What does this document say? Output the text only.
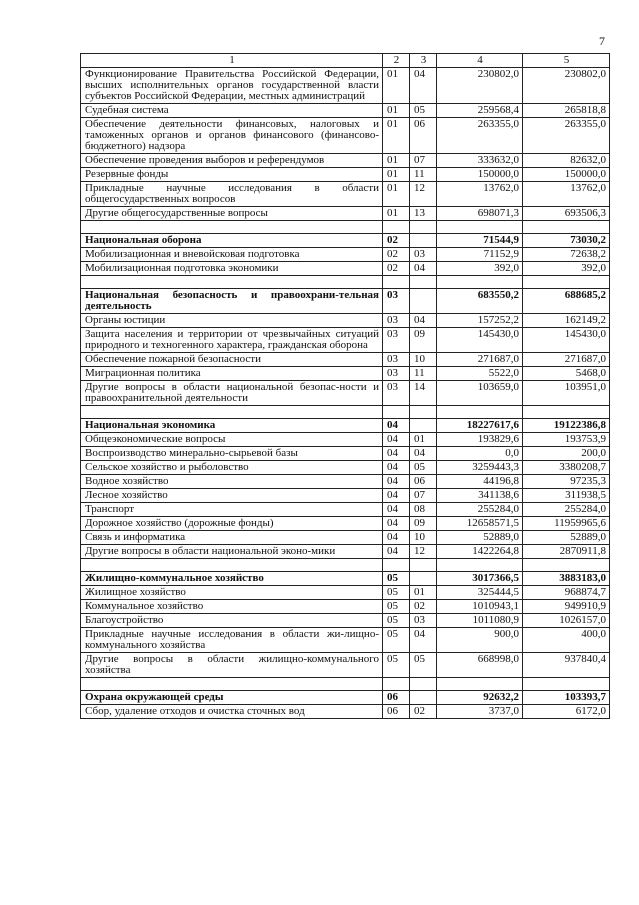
7
1	2	3	4	5
Функционирование Правительства Российской Федерации, высших исполнительных органов государственной власти субъектов Российской Федерации, местных администраций	01	04	230802,0	230802,0
Судебная система	01	05	259568,4	265818,8
Обеспечение деятельности финансовых, налоговых и таможенных органов и органов финансового (финансово-бюджетного) надзора	01	06	263355,0	263355,0
Обеспечение проведения выборов и референдумов	01	07	333632,0	82632,0
Резервные фонды	01	11	150000,0	150000,0
Прикладные научные исследования в области общегосударственных вопросов	01	12	13762,0	13762,0
Другие общегосударственные вопросы	01	13	698071,3	693506,3

Национальная оборона	02		71544,9	73030,2
Мобилизационная и вневойсковая подготовка	02	03	71152,9	72638,2
Мобилизационная подготовка экономики	02	04	392,0	392,0

Национальная безопасность и правоохрани-тельная деятельность	03		683550,2	688685,2
Органы юстиции	03	04	157252,2	162149,2
Защита населения и территории от чрезвычайных ситуаций природного и техногенного характера, гражданская оборона	03	09	145430,0	145430,0
Обеспечение пожарной безопасности	03	10	271687,0	271687,0
Миграционная политика	03	11	5522,0	5468,0
Другие вопросы в области национальной безопас-ности и правоохранительной деятельности	03	14	103659,0	103951,0

Национальная экономика	04		18227617,6	19122386,8
Общеэкономические вопросы	04	01	193829,6	193753,9
Воспроизводство минерально-сырьевой базы	04	04	0,0	200,0
Сельское хозяйство и рыболовство	04	05	3259443,3	3380208,7
Водное хозяйство	04	06	44196,8	97235,3
Лесное хозяйство	04	07	341138,6	311938,5
Транспорт	04	08	255284,0	255284,0
Дорожное хозяйство (дорожные фонды)	04	09	12658571,5	11959965,6
Связь и информатика	04	10	52889,0	52889,0
Другие вопросы в области национальной эконо-мики	04	12	1422264,8	2870911,8

Жилищно-коммунальное хозяйство	05		3017366,5	3883183,0
Жилищное хозяйство	05	01	325444,5	968874,7
Коммунальное хозяйство	05	02	1010943,1	949910,9
Благоустройство	05	03	1011080,9	1026157,0
Прикладные научные исследования в области жи-лищно-коммунального хозяйства	05	04	900,0	400,0
Другие вопросы в области жилищно-коммунального хозяйства	05	05	668998,0	937840,4

Охрана окружающей среды	06		92632,2	103393,7
Сбор, удаление отходов и очистка сточных вод	06	02	3737,0	6172,0
